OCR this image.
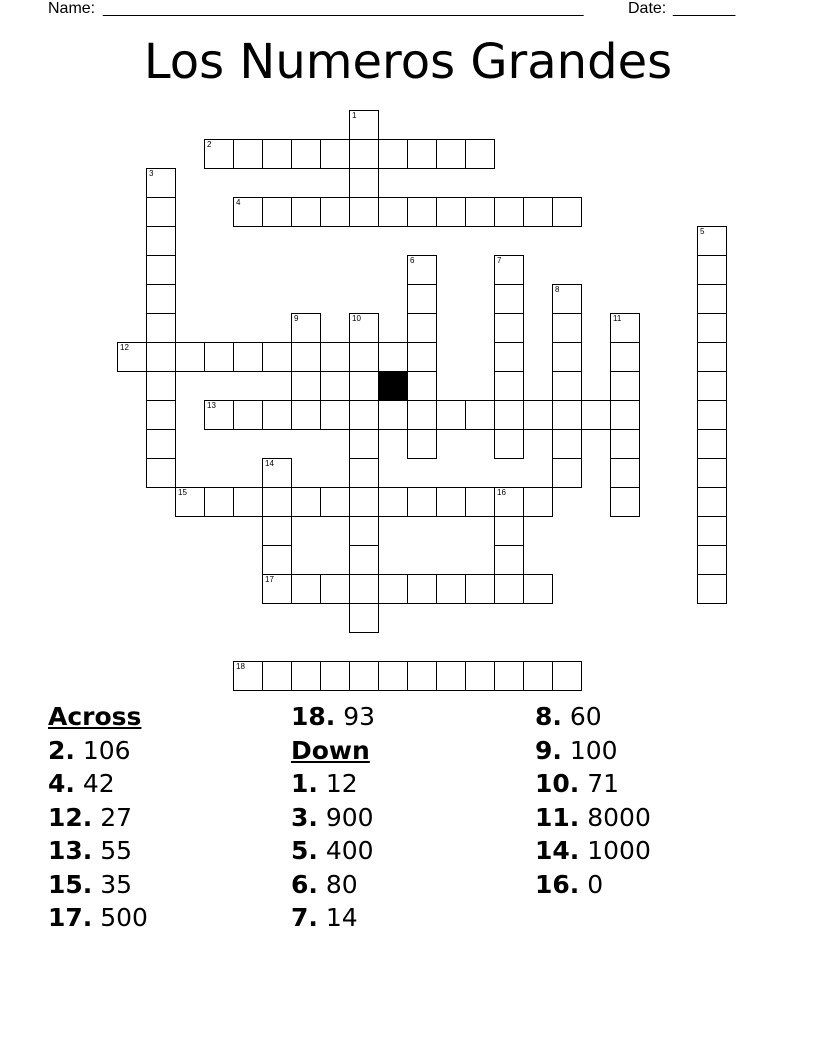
Name: ______________________________________________________	Date: _______
Los Numeros Grandes
1
2
3
4
5
6	7
8
9	10	11
12
13
14
15	16
17
18
Across
2. 106
4. 42
12. 27
13. 55
15. 35
17. 500
18. 93
Down
1. 12
3. 900
5. 400
6. 80
7. 14
8. 60
9. 100
10. 71
11. 8000
14. 1000
16. 0
